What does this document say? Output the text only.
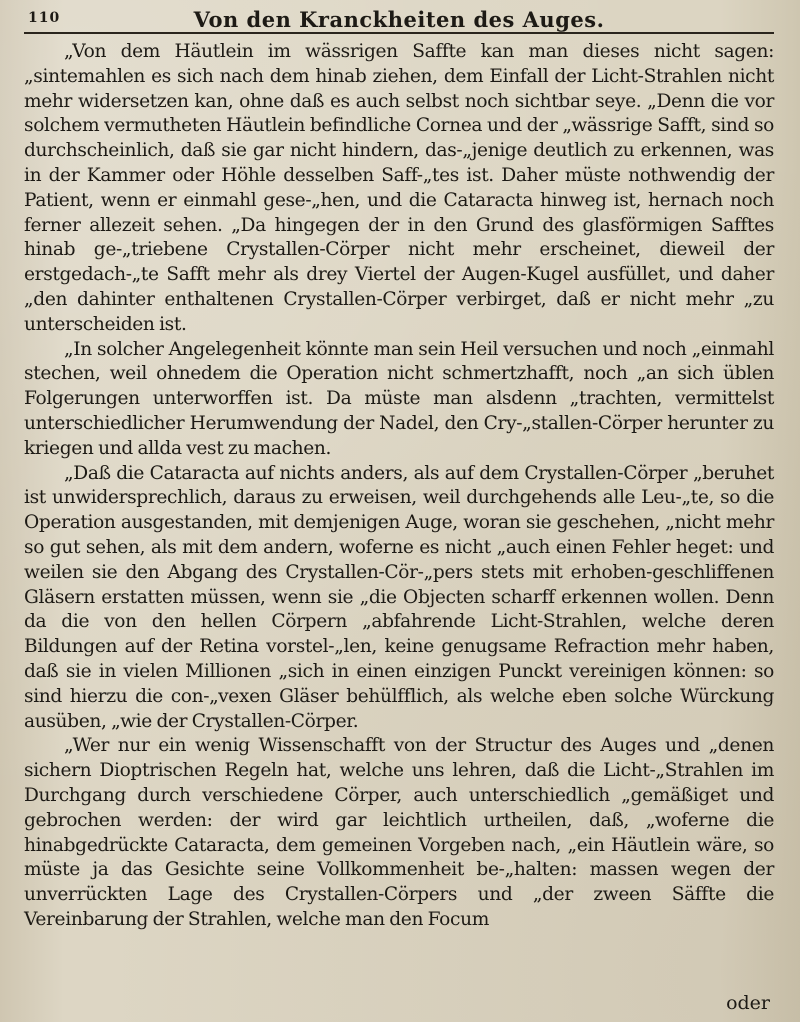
110	Von den Kranckheiten des Auges.

„Von dem Häutlein im wässrigen Saffte kan man dieses nicht sagen: „sintemahlen es sich nach dem hinab ziehen, dem Einfall der Licht-Strahlen nicht mehr widersetzen kan, ohne daß es auch selbst noch sichtbar seye. „Denn die vor solchem vermutheten Häutlein befindliche Cornea und der „wässrige Safft, sind so durchscheinlich, daß sie gar nicht hindern, das-„jenige deutlich zu erkennen, was in der Kammer oder Höhle desselben Saff-„tes ist. Daher müste nothwendig der Patient, wenn er einmahl gese-„hen, und die Cataracta hinweg ist, hernach noch ferner allezeit sehen. „Da hingegen der in den Grund des glasförmigen Safftes hinab ge-„triebene Crystallen-Cörper nicht mehr erscheinet, dieweil der erstgedach-„te Safft mehr als drey Viertel der Augen-Kugel ausfüllet, und daher „den dahinter enthaltenen Crystallen-Cörper verbirget, daß er nicht mehr „zu unterscheiden ist.

„In solcher Angelegenheit könnte man sein Heil versuchen und noch „einmahl stechen, weil ohnedem die Operation nicht schmertzhafft, noch „an sich üblen Folgerungen unterworffen ist. Da müste man alsdenn „trachten, vermittelst unterschiedlicher Herumwendung der Nadel, den Cry-„stallen-Cörper herunter zu kriegen und allda vest zu machen.

„Daß die Cataracta auf nichts anders, als auf dem Crystallen-Cörper „beruhet ist unwidersprechlich, daraus zu erweisen, weil durchgehends alle Leu-„te, so die Operation ausgestanden, mit demjenigen Auge, woran sie geschehen, „nicht mehr so gut sehen, als mit dem andern, woferne es nicht „auch einen Fehler heget: und weilen sie den Abgang des Crystallen-Cör-„pers stets mit erhoben-geschliffenen Gläsern erstatten müssen, wenn sie „die Objecten scharff erkennen wollen. Denn da die von den hellen Cörpern „abfahrende Licht-Strahlen, welche deren Bildungen auf der Retina vorstel-„len, keine genugsame Refraction mehr haben, daß sie in vielen Millionen „sich in einen einzigen Punckt vereinigen können: so sind hierzu die con-„vexen Gläser behülfflich, als welche eben solche Würckung ausüben, „wie der Crystallen-Cörper.

„Wer nur ein wenig Wissenschafft von der Structur des Auges und „denen sichern Dioptrischen Regeln hat, welche uns lehren, daß die Licht-„Strahlen im Durchgang durch verschiedene Cörper, auch unterschiedlich „gemäßiget und gebrochen werden: der wird gar leichtlich urtheilen, daß, „woferne die hinabgedrückte Cataracta, dem gemeinen Vorgeben nach, „ein Häutlein wäre, so müste ja das Gesichte seine Vollkommenheit be-„halten: massen wegen der unverrückten Lage des Crystallen-Cörpers und „der zween Säffte die Vereinbarung der Strahlen, welche man den Focum

oder
